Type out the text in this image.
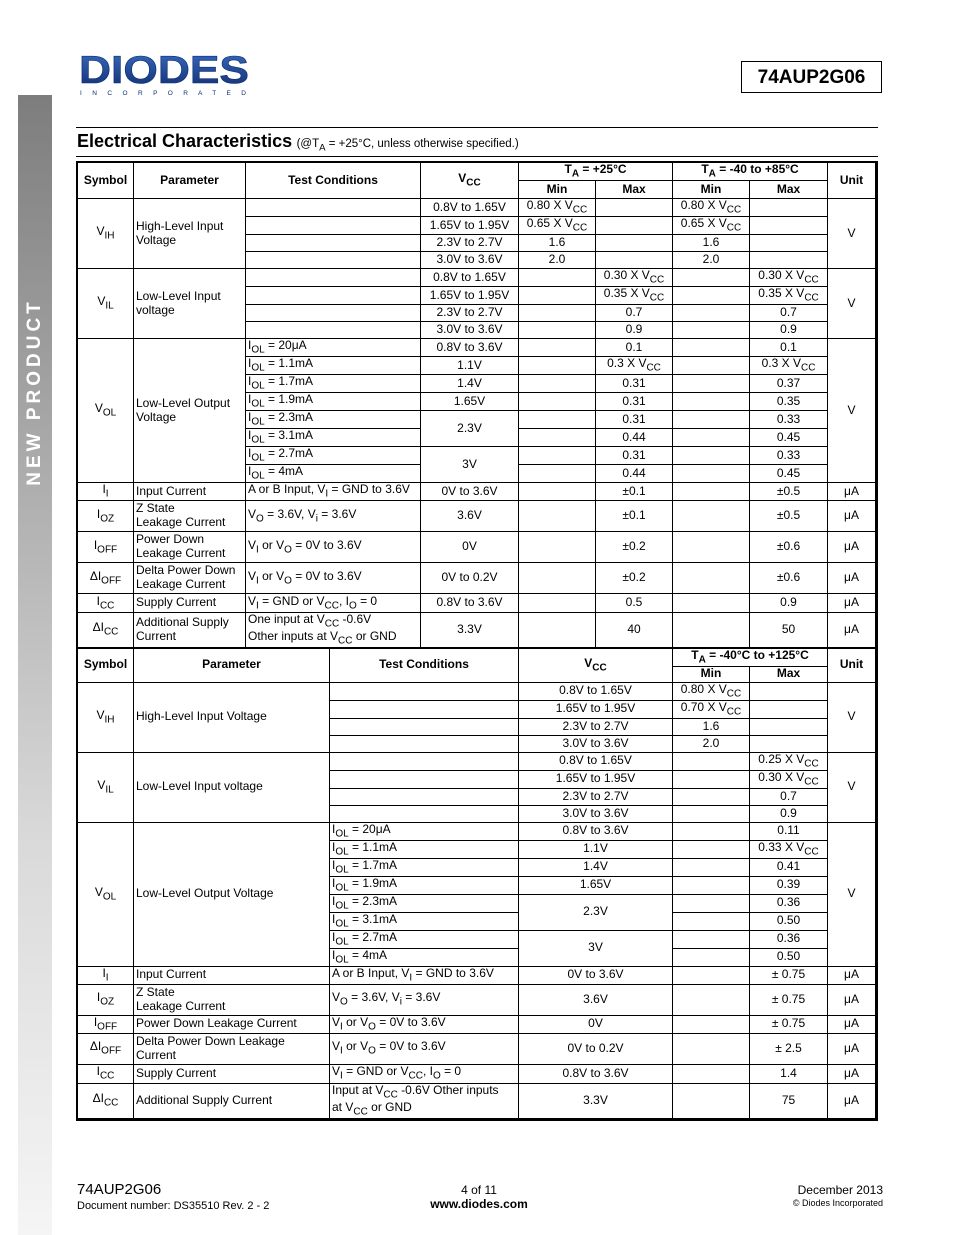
NEW PRODUCT
DIODES
I N C O R P O R A T E D
74AUP2G06
Electrical Characteristics ($@T_A = +25^\circ C$, unless otherwise specified.)
Symbol	Parameter	Test Conditions	$V_{CC}$	$T_A = +25^\circ C$		$T_A = -40$ to +85°C		Unit
				Min	Max	Min	Max	
$V_{IH}$	High-Level Input Voltage		0.8V to 1.65V	0.80 X $V_{CC}$		0.80 X $V_{CC}$		V
			1.65V to 1.95V	0.65 X $V_{CC}$		0.65 X $V_{CC}$	
			2.3V to 2.7V	1.6		1.6		
			3.0V to 3.6V	2.0		2.0		
$V_{IL}$	Low-Level Input voltage		0.8V to 1.65V		0.30 X $V_{CC}$		0.30 X $V_{CC}$	V
			1.65V to 1.95V		0.35 X $V_{CC}$		0.35 X $V_{CC}$
			2.3V to 2.7V		0.7		0.7	
			3.0V to 3.6V		0.9		0.9	
$V_{OL}$	Low-Level Output Voltage	$I_{OL} = 20\mu A$	0.8V to 3.6V		0.1		0.1	V
		$I_{OL} = 1.1mA$	1.1V		0.3 X $V_{CC}$		0.3 X $V_{CC}$
		$I_{OL} = 1.7mA$	1.4V		0.31		0.37	
		$I_{OL} = 1.9mA$	1.65V		0.31		0.35	
		$I_{OL} = 2.3mA$	2.3V		0.31		0.33	
		$I_{OL} = 3.1mA$			0.44		0.45	
		$I_{OL} = 2.7mA$	3V		0.31		0.33	
		$I_{OL} = 4mA$			0.44		0.45	
$I_I$	Input Current	A or B Input, $V_I$ = GND to 3.6V	0V to 3.6V		±0.1		±0.5	μA
$I_{OZ}$	Z State
Leakage Current	$V_O = 3.6V$, $V_i = 3.6V$	3.6V		±0.1		±0.5	μA
$I_{OFF}$	Power Down
Leakage Current	$V_I$ or $V_O = 0V$ to 3.6V	0V		±0.2		±0.6	μA
$\Delta I_{OFF}$	Delta Power Down
Leakage Current	$V_I$ or $V_O = 0V$ to 3.6V	0V to 0.2V		±0.2		±0.6	μA
$I_{CC}$	Supply Current	$V_I$ = GND or $V_{CC}$, $I_O = 0$	0.8V to 3.6V		0.5		0.9	μA
$\Delta I_{CC}$	Additional Supply
Current	One input at $V_{CC}$ -0.6V
Other inputs at $V_{CC}$ or GND	3.3V		40		50	μA
Symbol	Parameter	Test Conditions	$V_{CC}$	$T_A = -40^\circ C$ to +125°C		Unit
				Min	Max	
$V_{IH}$	High-Level Input Voltage		0.8V to 1.65V	0.80 X $V_{CC}$		V
			1.65V to 1.95V	0.70 X $V_{CC}$	
			2.3V to 2.7V	1.6		
			3.0V to 3.6V	2.0		
$V_{IL}$	Low-Level Input voltage		0.8V to 1.65V		0.25 X $V_{CC}$	V
			1.65V to 1.95V		0.30 X $V_{CC}$
			2.3V to 2.7V		0.7	
			3.0V to 3.6V		0.9	
$V_{OL}$	Low-Level Output Voltage	$I_{OL} = 20\mu A$	0.8V to 3.6V		0.11	V
		$I_{OL} = 1.1mA$	1.1V		0.33 X $V_{CC}$
		$I_{OL} = 1.7mA$	1.4V		0.41	
		$I_{OL} = 1.9mA$	1.65V		0.39	
		$I_{OL} = 2.3mA$	2.3V		0.36	
		$I_{OL} = 3.1mA$			0.50	
		$I_{OL} = 2.7mA$	3V		0.36	
		$I_{OL} = 4mA$			0.50	
$I_I$	Input Current	A or B Input, $V_I$ = GND to 3.6V	0V to 3.6V		± 0.75	μA
$I_{OZ}$	Z State
Leakage Current	$V_O = 3.6V$, $V_i = 3.6V$	3.6V		± 0.75	μA
$I_{OFF}$	Power Down Leakage Current	$V_I$ or $V_O = 0V$ to 3.6V	0V		± 0.75	μA
$\Delta I_{OFF}$	Delta Power Down Leakage
Current	$V_I$ or $V_O = 0V$ to 3.6V	0V to 0.2V		± 2.5	μA
$I_{CC}$	Supply Current	$V_I$ = GND or $V_{CC}$, $I_O = 0$	0.8V to 3.6V		1.4	μA
$\Delta I_{CC}$	Additional Supply Current	Input at $V_{CC}$ -0.6V Other inputs
at $V_{CC}$ or GND	3.3V		75	μA
74AUP2G06
Document number: DS35510 Rev. 2 - 2
4 of 11
www.diodes.com
December 2013
© Diodes Incorporated
